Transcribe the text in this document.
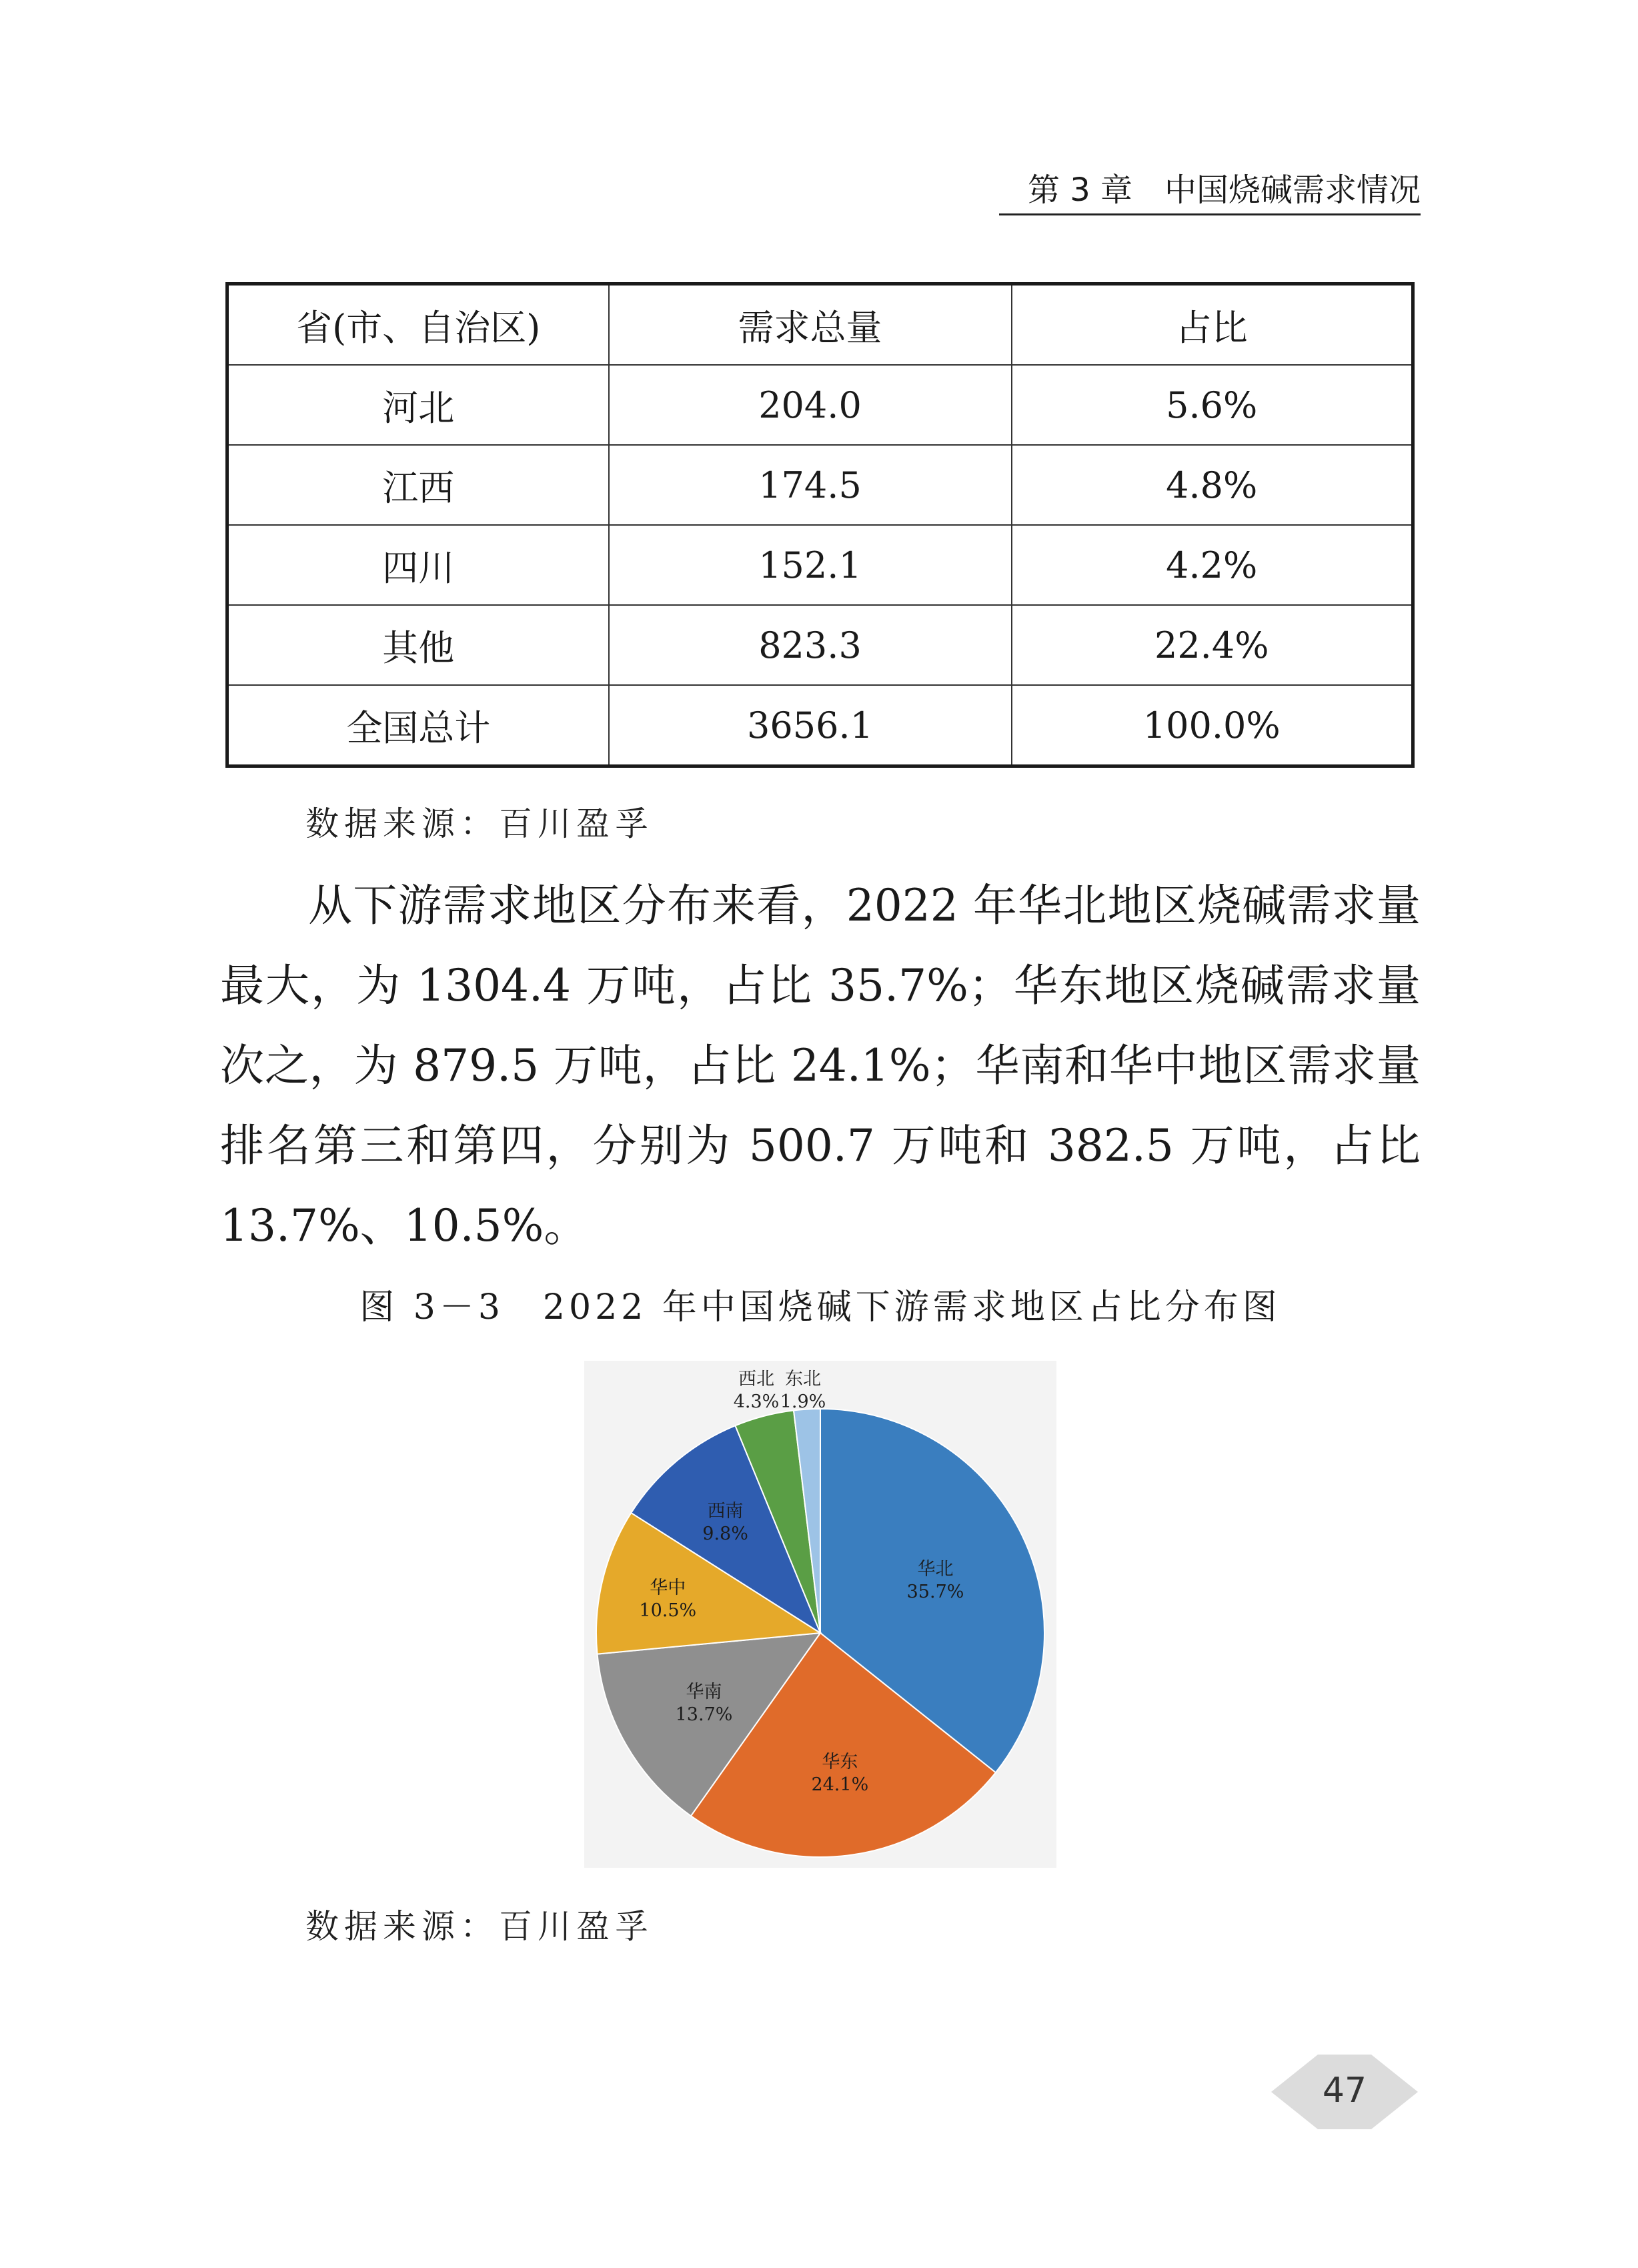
第 3 章　中国烧碱需求情况
省(市、自治区)	需求总量	占比
河北	204.0	5.6%
江西	174.5	4.8%
四川	152.1	4.2%
其他	823.3	22.4%
全国总计	3656.1	100.0%
数据来源：百川盈孚

从下游需求地区分布来看，2022 年华北地区烧碱需求量最大，为 1304.4 万吨，占比 35.7%；华东地区烧碱需求量次之，为 879.5 万吨，占比 24.1%；华南和华中地区需求量排名第三和第四，分别为 500.7 万吨和 382.5 万吨，占比 13.7%、10.5%。

图 3－3　2022 年中国烧碱下游需求地区占比分布图
华北
35.7%
华东
24.1%
华南
13.7%
华中
10.5%
西南
9.8%
西北
4.3%
东北
1.9%
数据来源：百川盈孚
47
